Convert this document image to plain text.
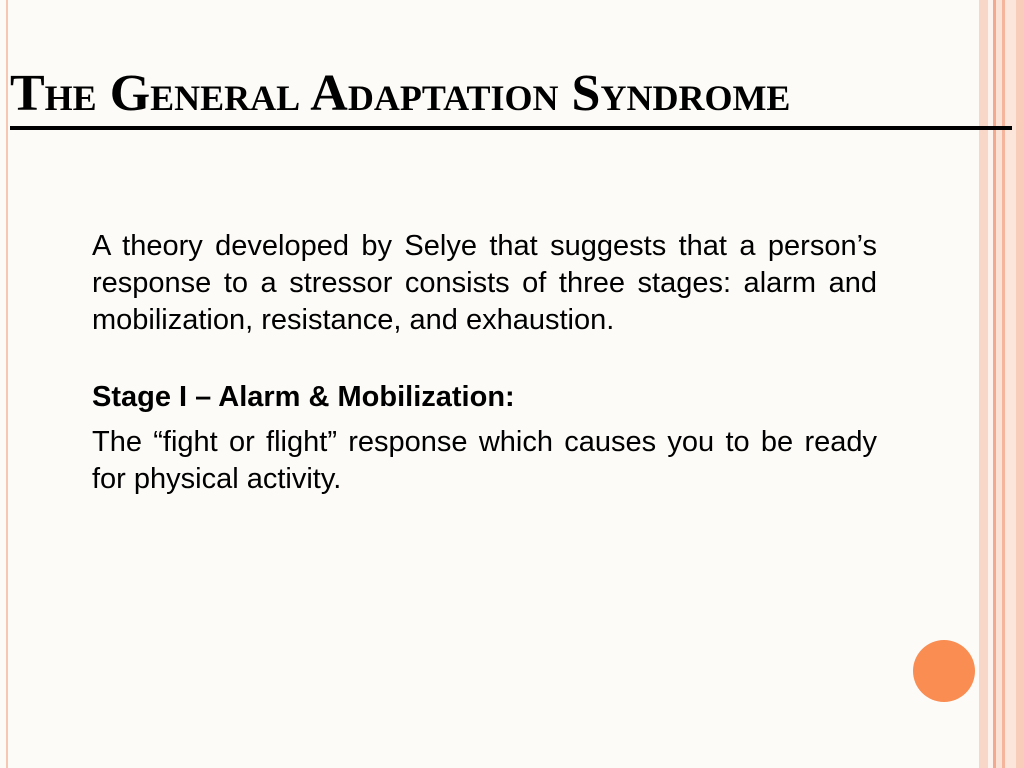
The General Adaptation Syndrome

A theory developed by Selye that suggests that a person’s response to a stressor consists of three stages: alarm and mobilization, resistance, and exhaustion.

Stage I – Alarm & Mobilization:

The “fight or flight” response which causes you to be ready for physical activity.
